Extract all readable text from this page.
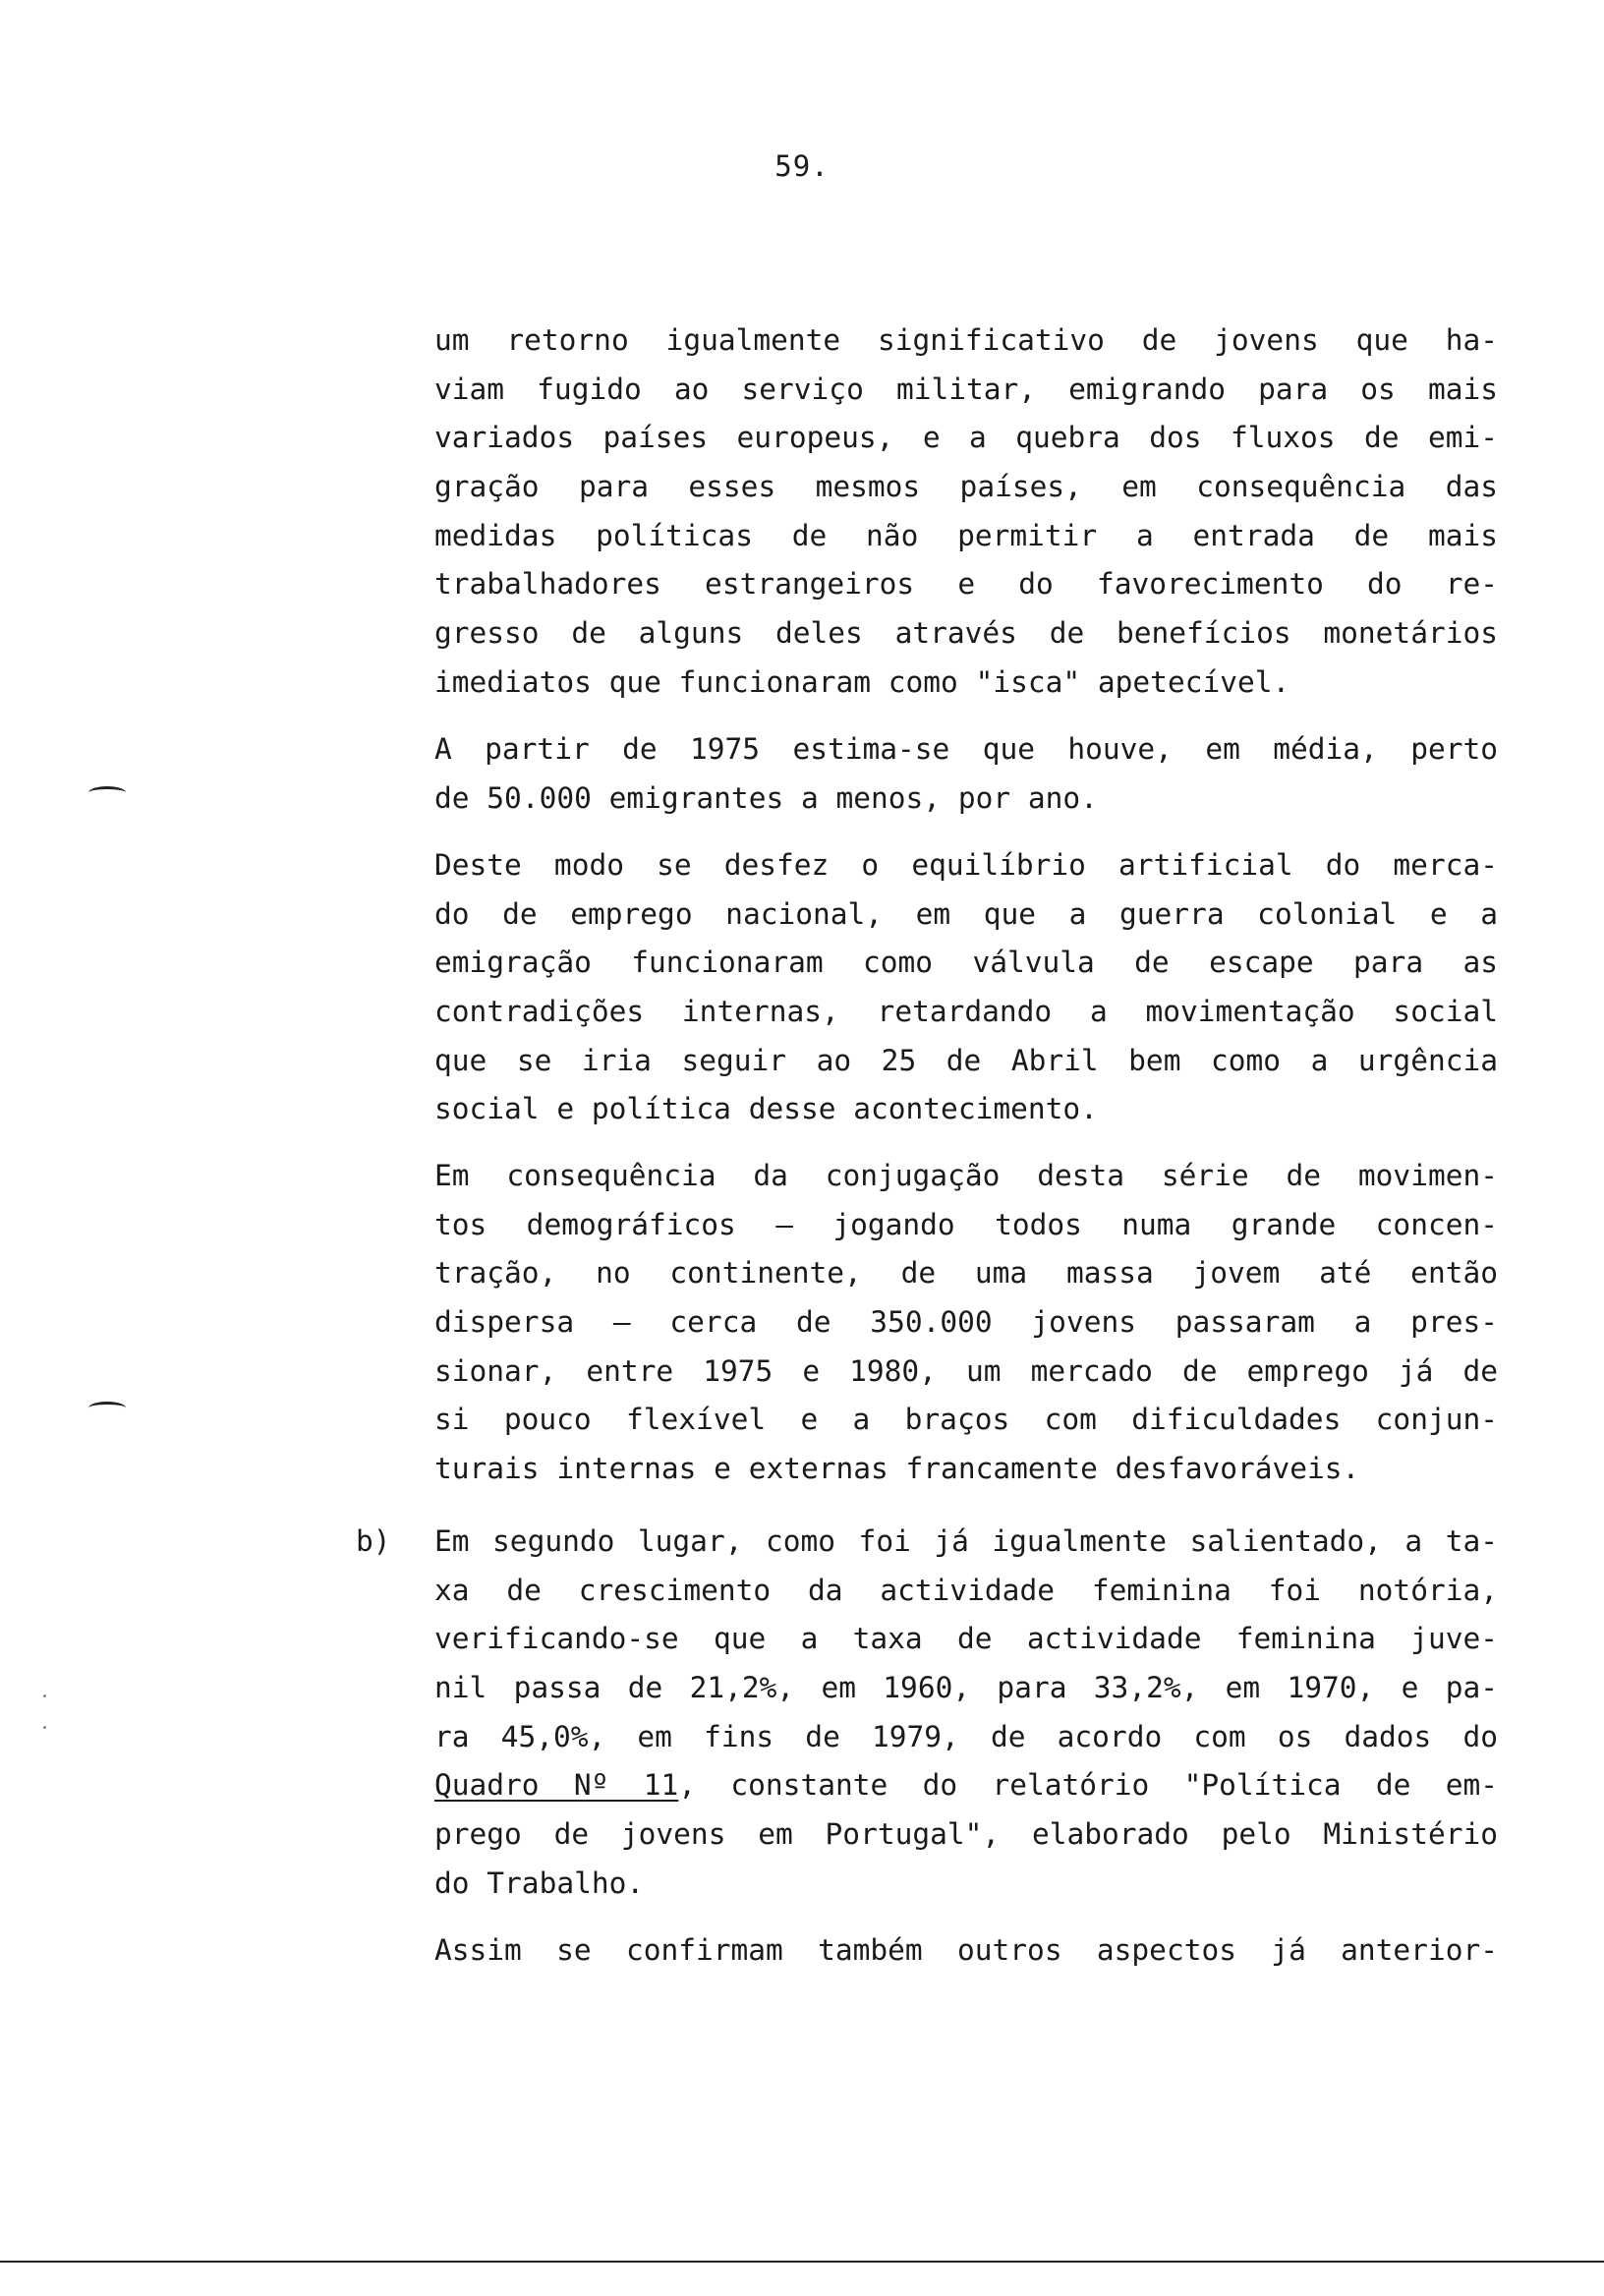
59.
um retorno igualmente significativo de jovens que ha-
viam fugido ao serviço militar, emigrando para os mais
variados países europeus, e a quebra dos fluxos de emi-
gração para esses mesmos países, em consequência das
medidas políticas de não permitir a entrada de mais
trabalhadores estrangeiros e do favorecimento do re-
gresso de alguns deles através de benefícios monetários
imediatos que funcionaram como "isca" apetecível.
A partir de 1975 estima-se que houve, em média, perto
de 50.000 emigrantes a menos, por ano.
Deste modo se desfez o equilíbrio artificial do merca-
do de emprego nacional, em que a guerra colonial e a
emigração funcionaram como válvula de escape para as
contradições internas, retardando a movimentação social
que se iria seguir ao 25 de Abril bem como a urgência
social e política desse acontecimento.
Em consequência da conjugação desta série de movimen-
tos demográficos — jogando todos numa grande concen-
tração, no continente, de uma massa jovem até então
dispersa — cerca de 350.000 jovens passaram a pres-
sionar, entre 1975 e 1980, um mercado de emprego já de
si pouco flexível e a braços com dificuldades conjun-
turais internas e externas francamente desfavoráveis.
b) Em segundo lugar, como foi já igualmente salientado, a ta-
xa de crescimento da actividade feminina foi notória,
verificando-se que a taxa de actividade feminina juve-
nil passa de 21,2%, em 1960, para 33,2%, em 1970, e pa-
ra 45,0%, em fins de 1979, de acordo com os dados do
Quadro Nº 11, constante do relatório "Política de em-
prego de jovens em Portugal", elaborado pelo Ministério
do Trabalho.
Assim se confirmam também outros aspectos já anterior-
